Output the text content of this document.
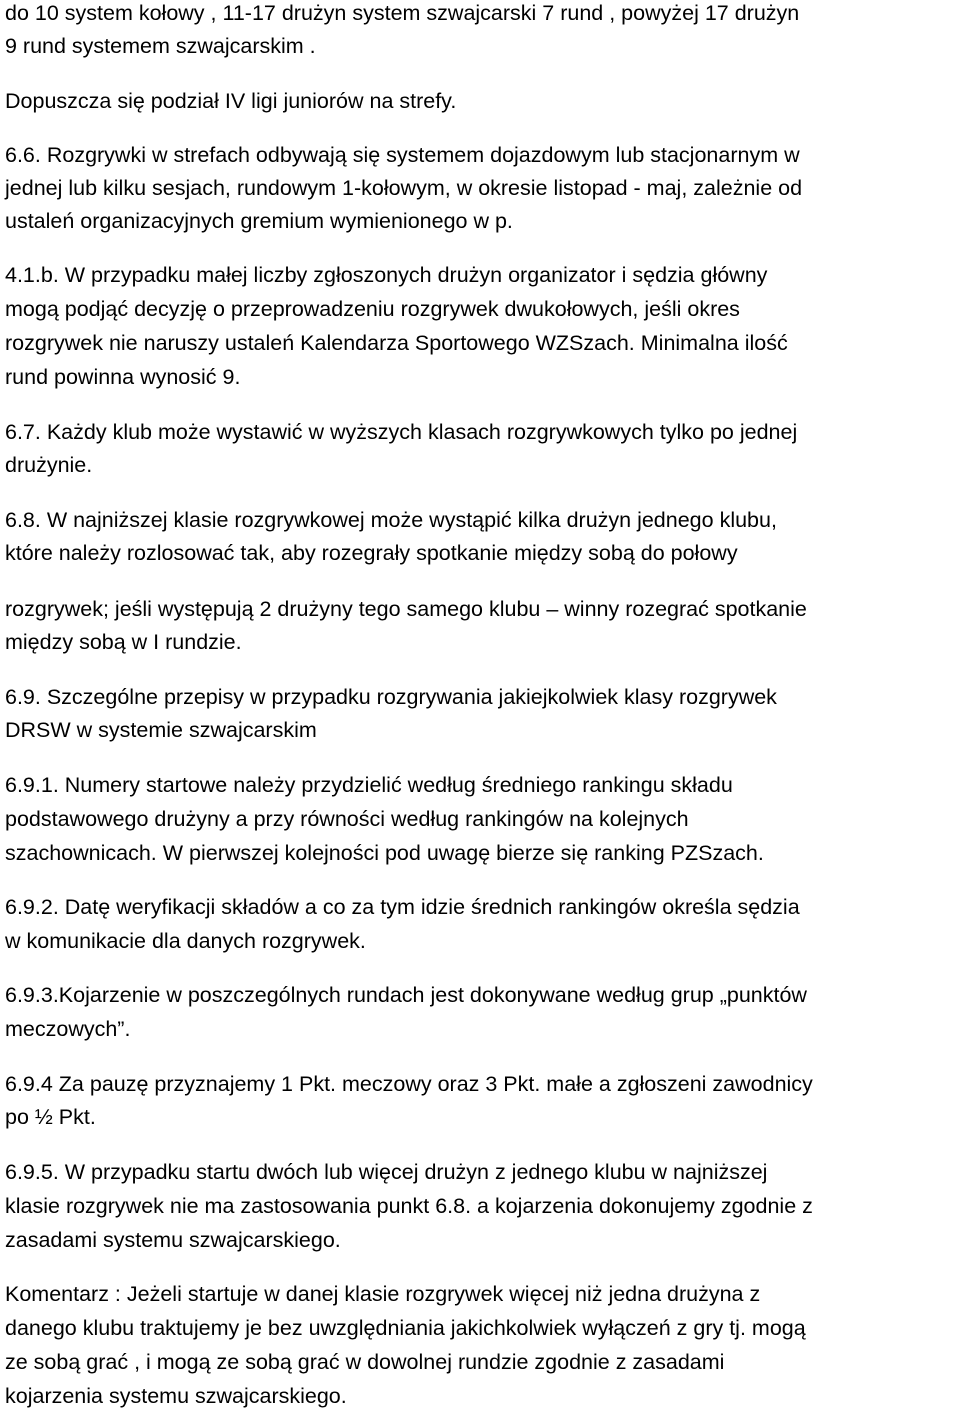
do 10 system kołowy , 11-17 drużyn system szwajcarski 7 rund , powyżej 17 drużyn
9 rund systemem szwajcarskim .
Dopuszcza się podział IV ligi juniorów na strefy.
6.6. Rozgrywki w strefach odbywają się systemem dojazdowym lub stacjonarnym w
jednej lub kilku sesjach, rundowym 1-kołowym, w okresie listopad - maj, zależnie od
ustaleń organizacyjnych gremium wymienionego w p.
4.1.b. W przypadku małej liczby zgłoszonych drużyn organizator i sędzia główny
mogą podjąć decyzję o przeprowadzeniu rozgrywek dwukołowych, jeśli okres
rozgrywek nie naruszy ustaleń Kalendarza Sportowego WZSzach. Minimalna ilość
rund powinna wynosić 9.
6.7. Każdy klub może wystawić w wyższych klasach rozgrywkowych tylko po jednej
drużynie.
6.8. W najniższej klasie rozgrywkowej może wystąpić kilka drużyn jednego klubu,
które należy rozlosować tak, aby rozegrały spotkanie między sobą do połowy
rozgrywek; jeśli występują 2 drużyny tego samego klubu – winny rozegrać spotkanie
między sobą w I rundzie.
6.9. Szczególne przepisy w przypadku rozgrywania jakiejkolwiek klasy rozgrywek
DRSW w systemie szwajcarskim
6.9.1. Numery startowe należy przydzielić według średniego rankingu składu
podstawowego drużyny a przy równości według rankingów na kolejnych
szachownicach. W pierwszej kolejności pod uwagę bierze się ranking PZSzach.
6.9.2. Datę weryfikacji składów a co za tym idzie średnich rankingów określa sędzia
w komunikacie dla danych rozgrywek.
6.9.3.Kojarzenie w poszczególnych rundach jest dokonywane według grup „punktów
meczowych”.
6.9.4 Za pauzę przyznajemy 1 Pkt. meczowy oraz 3 Pkt. małe a zgłoszeni zawodnicy
po ½ Pkt.
6.9.5. W przypadku startu dwóch lub więcej drużyn z jednego klubu w najniższej
klasie rozgrywek nie ma zastosowania punkt 6.8. a kojarzenia dokonujemy zgodnie z
zasadami systemu szwajcarskiego.
Komentarz : Jeżeli startuje w danej klasie rozgrywek więcej niż jedna drużyna z
danego klubu traktujemy je bez uwzględniania jakichkolwiek wyłączeń z gry tj. mogą
ze sobą grać , i mogą ze sobą grać w dowolnej rundzie zgodnie z zasadami
kojarzenia systemu szwajcarskiego.
